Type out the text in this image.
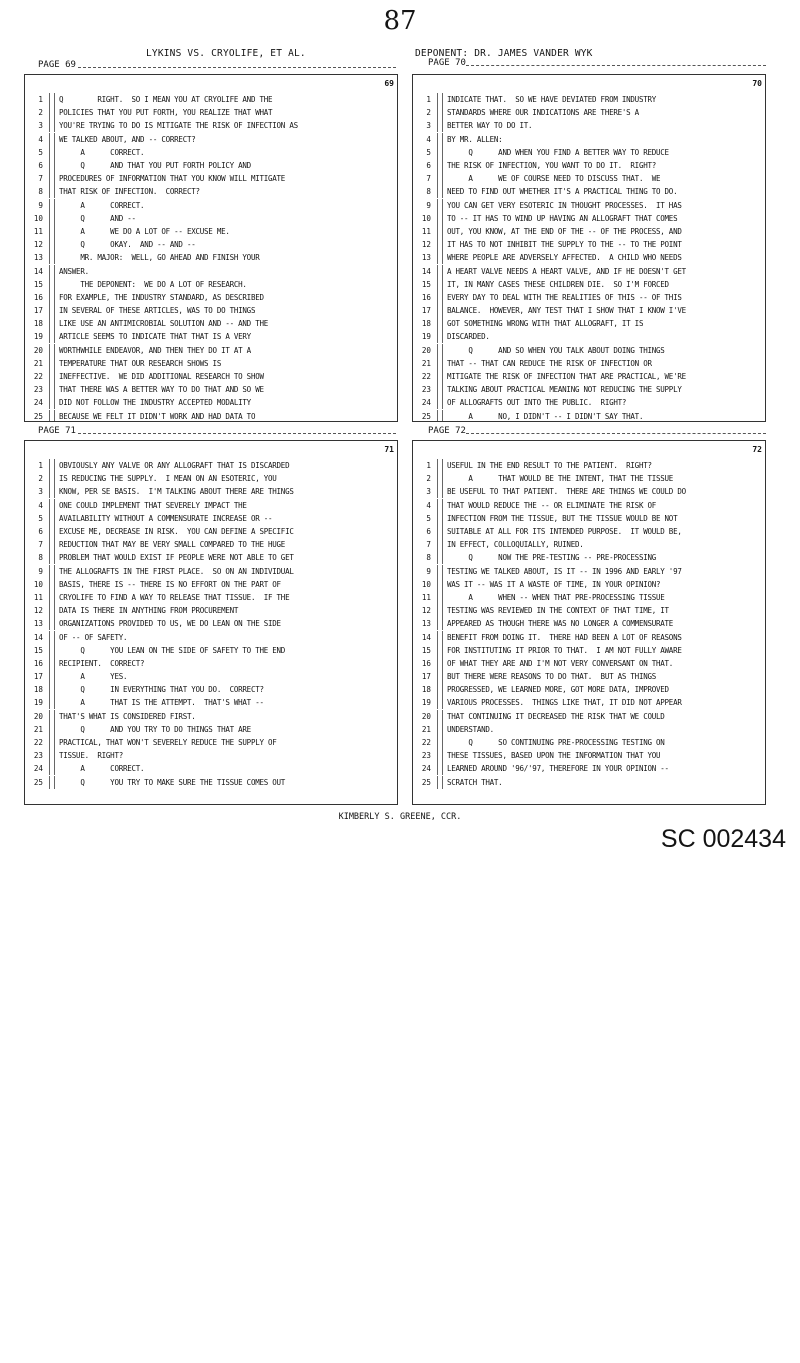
87
LYKINS VS. CRYOLIFE, ET AL.	DEPONENT: DR. JAMES VANDER WYK
PAGE 69	PAGE 70
69
1 Q        RIGHT.  SO I MEAN YOU AT CRYOLIFE AND THE
2 POLICIES THAT YOU PUT FORTH, YOU REALIZE THAT WHAT
3 YOU'RE TRYING TO DO IS MITIGATE THE RISK OF INFECTION AS
4 WE TALKED ABOUT, AND -- CORRECT?
5 A      CORRECT.
6 Q      AND THAT YOU PUT FORTH POLICY AND
7 PROCEDURES OF INFORMATION THAT YOU KNOW WILL MITIGATE
8 THAT RISK OF INFECTION.  CORRECT?
9 A      CORRECT.
10 Q      AND --
11 A      WE DO A LOT OF -- EXCUSE ME.
12 Q      OKAY.  AND -- AND --
13 MR. MAJOR:  WELL, GO AHEAD AND FINISH YOUR
14 ANSWER.
15 THE DEPONENT:  WE DO A LOT OF RESEARCH.
16 FOR EXAMPLE, THE INDUSTRY STANDARD, AS DESCRIBED
17 IN SEVERAL OF THESE ARTICLES, WAS TO DO THINGS
18 LIKE USE AN ANTIMICROBIAL SOLUTION AND -- AND THE
19 ARTICLE SEEMS TO INDICATE THAT THAT IS A VERY
20 WORTHWHILE ENDEAVOR, AND THEN THEY DO IT AT A
21 TEMPERATURE THAT OUR RESEARCH SHOWS IS
22 INEFFECTIVE.  WE DID ADDITIONAL RESEARCH TO SHOW
23 THAT THERE WAS A BETTER WAY TO DO THAT AND SO WE
24 DID NOT FOLLOW THE INDUSTRY ACCEPTED MODALITY
25 BECAUSE WE FELT IT DIDN'T WORK AND HAD DATA TO
70
1 INDICATE THAT.  SO WE HAVE DEVIATED FROM INDUSTRY
2 STANDARDS WHERE OUR INDICATIONS ARE THERE'S A
3 BETTER WAY TO DO IT.
4 BY MR. ALLEN:
5 Q      AND WHEN YOU FIND A BETTER WAY TO REDUCE
6 THE RISK OF INFECTION, YOU WANT TO DO IT.  RIGHT?
7 A      WE OF COURSE NEED TO DISCUSS THAT.  WE
8 NEED TO FIND OUT WHETHER IT'S A PRACTICAL THING TO DO.
9 YOU CAN GET VERY ESOTERIC IN THOUGHT PROCESSES.  IT HAS
10 TO -- IT HAS TO WIND UP HAVING AN ALLOGRAFT THAT COMES
11 OUT, YOU KNOW, AT THE END OF THE -- OF THE PROCESS, AND
12 IT HAS TO NOT INHIBIT THE SUPPLY TO THE -- TO THE POINT
13 WHERE PEOPLE ARE ADVERSELY AFFECTED.  A CHILD WHO NEEDS
14 A HEART VALVE NEEDS A HEART VALVE, AND IF HE DOESN'T GET
15 IT, IN MANY CASES THESE CHILDREN DIE.  SO I'M FORCED
16 EVERY DAY TO DEAL WITH THE REALITIES OF THIS -- OF THIS
17 BALANCE.  HOWEVER, ANY TEST THAT I SHOW THAT I KNOW I'VE
18 GOT SOMETHING WRONG WITH THAT ALLOGRAFT, IT IS
19 DISCARDED.
20 Q      AND SO WHEN YOU TALK ABOUT DOING THINGS
21 THAT -- THAT CAN REDUCE THE RISK OF INFECTION OR
22 MITIGATE THE RISK OF INFECTION THAT ARE PRACTICAL, WE'RE
23 TALKING ABOUT PRACTICAL MEANING NOT REDUCING THE SUPPLY
24 OF ALLOGRAFTS OUT INTO THE PUBLIC.  RIGHT?
25 A      NO, I DIDN'T -- I DIDN'T SAY THAT.
PAGE 71	PAGE 72
71
1 OBVIOUSLY ANY VALVE OR ANY ALLOGRAFT THAT IS DISCARDED
2 IS REDUCING THE SUPPLY.  I MEAN ON AN ESOTERIC, YOU
3 KNOW, PER SE BASIS.  I'M TALKING ABOUT THERE ARE THINGS
4 ONE COULD IMPLEMENT THAT SEVERELY IMPACT THE
5 AVAILABILITY WITHOUT A COMMENSURATE INCREASE OR --
6 EXCUSE ME, DECREASE IN RISK.  YOU CAN DEFINE A SPECIFIC
7 REDUCTION THAT MAY BE VERY SMALL COMPARED TO THE HUGE
8 PROBLEM THAT WOULD EXIST IF PEOPLE WERE NOT ABLE TO GET
9 THE ALLOGRAFTS IN THE FIRST PLACE.  SO ON AN INDIVIDUAL
10 BASIS, THERE IS -- THERE IS NO EFFORT ON THE PART OF
11 CRYOLIFE TO FIND A WAY TO RELEASE THAT TISSUE.  IF THE
12 DATA IS THERE IN ANYTHING FROM PROCUREMENT
13 ORGANIZATIONS PROVIDED TO US, WE DO LEAN ON THE SIDE
14 OF -- OF SAFETY.
15 Q      YOU LEAN ON THE SIDE OF SAFETY TO THE END
16 RECIPIENT.  CORRECT?
17 A      YES.
18 Q      IN EVERYTHING THAT YOU DO.  CORRECT?
19 A      THAT IS THE ATTEMPT.  THAT'S WHAT --
20 THAT'S WHAT IS CONSIDERED FIRST.
21 Q      AND YOU TRY TO DO THINGS THAT ARE
22 PRACTICAL, THAT WON'T SEVERELY REDUCE THE SUPPLY OF
23 TISSUE.  RIGHT?
24 A      CORRECT.
25 Q      YOU TRY TO MAKE SURE THE TISSUE COMES OUT
72
1 USEFUL IN THE END RESULT TO THE PATIENT.  RIGHT?
2 A      THAT WOULD BE THE INTENT, THAT THE TISSUE
3 BE USEFUL TO THAT PATIENT.  THERE ARE THINGS WE COULD DO
4 THAT WOULD REDUCE THE -- OR ELIMINATE THE RISK OF
5 INFECTION FROM THE TISSUE, BUT THE TISSUE WOULD BE NOT
6 SUITABLE AT ALL FOR ITS INTENDED PURPOSE.  IT WOULD BE,
7 IN EFFECT, COLLOQUIALLY, RUINED.
8 Q      NOW THE PRE-TESTING -- PRE-PROCESSING
9 TESTING WE TALKED ABOUT, IS IT -- IN 1996 AND EARLY '97
10 WAS IT -- WAS IT A WASTE OF TIME, IN YOUR OPINION?
11 A      WHEN -- WHEN THAT PRE-PROCESSING TISSUE
12 TESTING WAS REVIEWED IN THE CONTEXT OF THAT TIME, IT
13 APPEARED AS THOUGH THERE WAS NO LONGER A COMMENSURATE
14 BENEFIT FROM DOING IT.  THERE HAD BEEN A LOT OF REASONS
15 FOR INSTITUTING IT PRIOR TO THAT.  I AM NOT FULLY AWARE
16 OF WHAT THEY ARE AND I'M NOT VERY CONVERSANT ON THAT.
17 BUT THERE WERE REASONS TO DO THAT.  BUT AS THINGS
18 PROGRESSED, WE LEARNED MORE, GOT MORE DATA, IMPROVED
19 VARIOUS PROCESSES.  THINGS LIKE THAT, IT DID NOT APPEAR
20 THAT CONTINUING IT DECREASED THE RISK THAT WE COULD
21 UNDERSTAND.
22 Q      SO CONTINUING PRE-PROCESSING TESTING ON
23 THESE TISSUES, BASED UPON THE INFORMATION THAT YOU
24 LEARNED AROUND '96/'97, THEREFORE IN YOUR OPINION --
25 SCRATCH THAT.
KIMBERLY S. GREENE, CCR.
SC 002434
